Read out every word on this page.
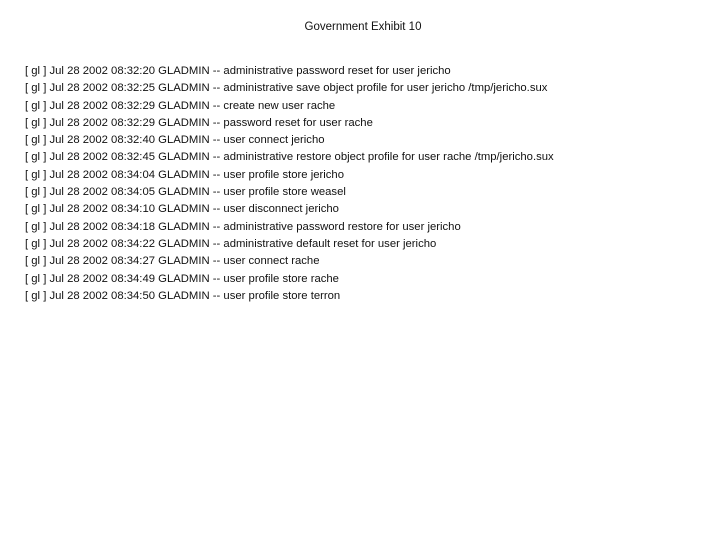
Government Exhibit 10
[ gl ] Jul 28 2002 08:32:20 GLADMIN -- administrative password reset for user jericho
[ gl ] Jul 28 2002 08:32:25 GLADMIN -- administrative save object profile for user jericho /tmp/jericho.sux
[ gl ] Jul 28 2002 08:32:29 GLADMIN -- create new user rache
[ gl ] Jul 28 2002 08:32:29 GLADMIN -- password reset for user rache
[ gl ] Jul 28 2002 08:32:40 GLADMIN -- user connect jericho
[ gl ] Jul 28 2002 08:32:45 GLADMIN -- administrative restore object profile for user rache /tmp/jericho.sux
[ gl ] Jul 28 2002 08:34:04 GLADMIN -- user profile store jericho
[ gl ] Jul 28 2002 08:34:05 GLADMIN -- user profile store weasel
[ gl ] Jul 28 2002 08:34:10 GLADMIN -- user disconnect jericho
[ gl ] Jul 28 2002 08:34:18 GLADMIN -- administrative password restore for user jericho
[ gl ] Jul 28 2002 08:34:22 GLADMIN -- administrative default reset for user jericho
[ gl ] Jul 28 2002 08:34:27 GLADMIN -- user connect rache
[ gl ] Jul 28 2002 08:34:49 GLADMIN -- user profile store rache
[ gl ] Jul 28 2002 08:34:50 GLADMIN -- user profile store terron
